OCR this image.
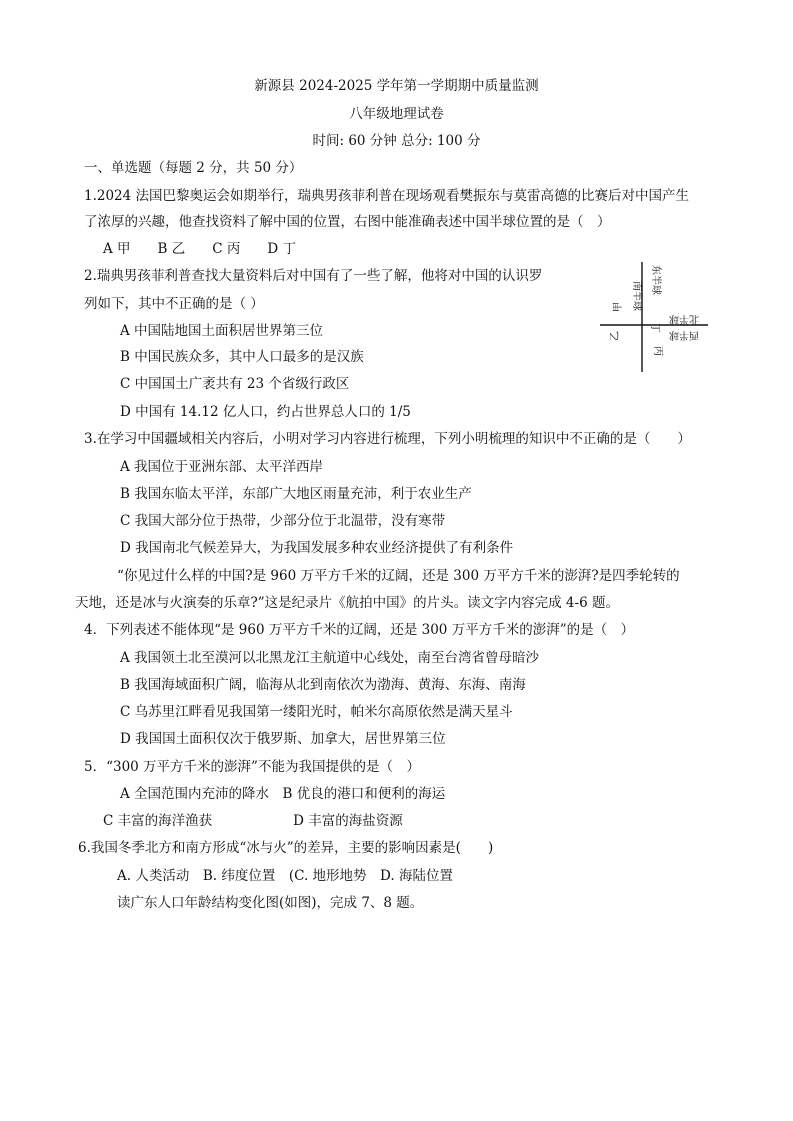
新源县 2024-2025 学年第一学期期中质量监测
八年级地理试卷
时间: 60 分钟 总分: 100 分
一、单选题（每题 2 分，共 50 分）
1.2024 法国巴黎奥运会如期举行，瑞典男孩菲利普在现场观看樊振东与莫雷高德的比赛后对中国产生
了浓厚的兴趣，他查找资料了解中国的位置，右图中能准确表述中国半球位置的是（　）
A 甲　　B 乙　　C 丙　　D 丁
2.瑞典男孩菲利普查找大量资料后对中国有了一些了解，他将对中国的认识罗
列如下，其中不正确的是（ ）
A 中国陆地国土面积居世界第三位
B 中国民族众多，其中人口最多的是汉族
C 中国国土广袤共有 23 个省级行政区
D 中国有 14.12 亿人口，约占世界总人口的 1/5
甲 南半球
东半球
丁
北半球
西半球
乙
丙
3.在学习中国疆域相关内容后，小明对学习内容进行梳理，下列小明梳理的知识中不正确的是（　　）
A 我国位于亚洲东部、太平洋西岸
B 我国东临太平洋，东部广大地区雨量充沛，利于农业生产
C 我国大部分位于热带，少部分位于北温带，没有寒带
D 我国南北气候差异大，为我国发展多种农业经济提供了有利条件
“你见过什么样的中国?是 960 万平方千米的辽阔，还是 300 万平方千米的澎湃?是四季轮转的
天地，还是冰与火演奏的乐章?”这是纪录片《航拍中国》的片头。读文字内容完成 4-6 题。
4．下列表述不能体现“是 960 万平方千米的辽阔，还是 300 万平方千米的澎湃”的是（　）
A 我国领土北至漠河以北黑龙江主航道中心线处，南至台湾省曾母暗沙
B 我国海域面积广阔，临海从北到南依次为渤海、黄海、东海、南海
C 乌苏里江畔看见我国第一缕阳光时，帕米尔高原依然是满天星斗
D 我国国土面积仅次于俄罗斯、加拿大，居世界第三位
5．“300 万平方千米的澎湃”不能为我国提供的是（　）
A 全国范围内充沛的降水　B 优良的港口和便利的海运
C 丰富的海洋渔获　　　　　　D 丰富的海盐资源
6.我国冬季北方和南方形成“冰与火”的差异，主要的影响因素是(　　)
A. 人类活动　B. 纬度位置　(C. 地形地势　D. 海陆位置
读广东人口年龄结构变化图(如图)，完成 7、8 题。
